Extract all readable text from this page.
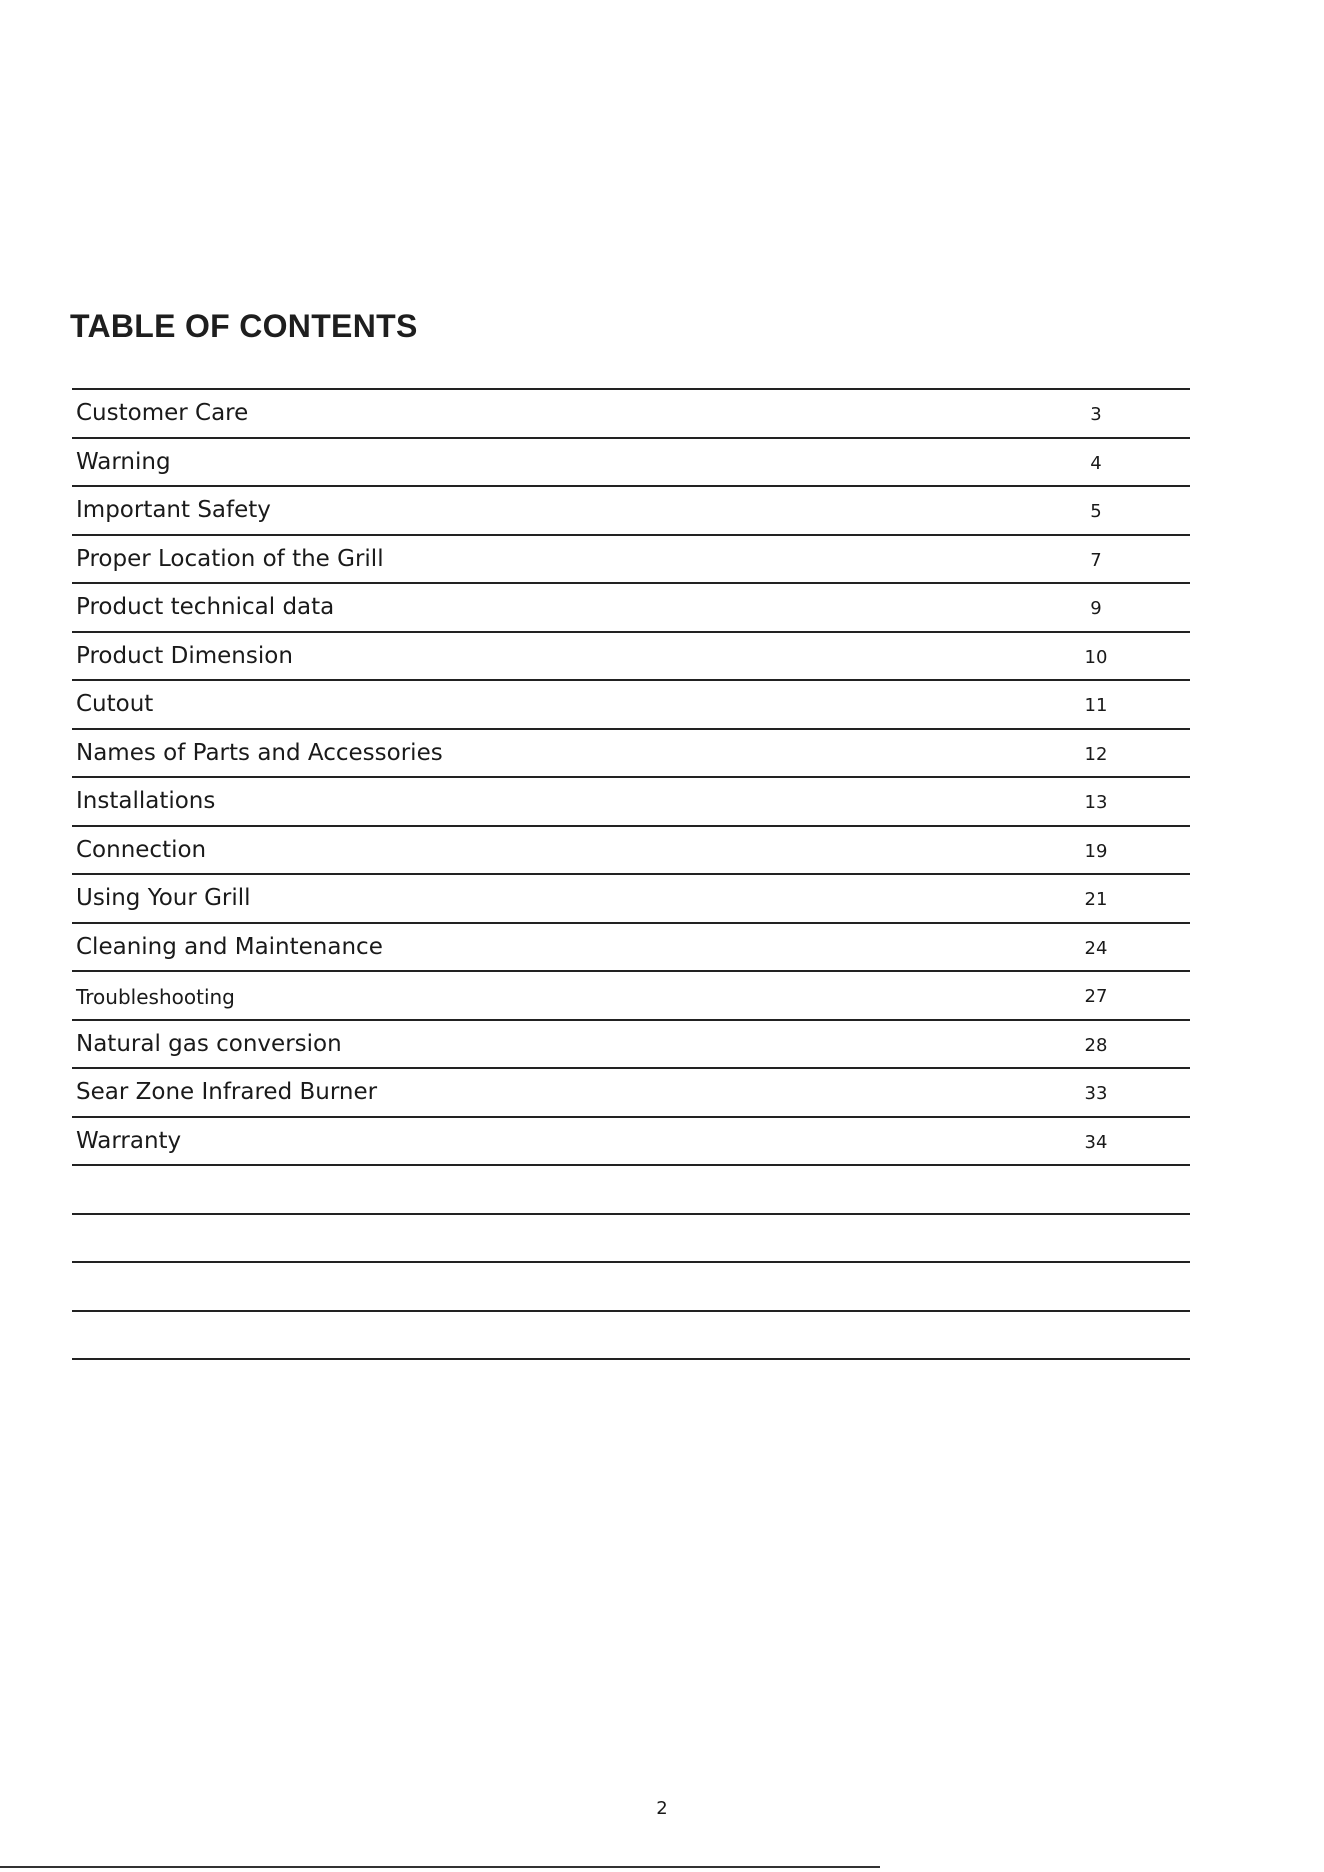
TABLE OF CONTENTS
Customer Care	3
Warning	4
Important Safety	5
Proper Location of the Grill	7
Product technical data	9
Product Dimension	10
Cutout	11
Names of Parts and Accessories	12
Installations	13
Connection	19
Using Your Grill	21
Cleaning and Maintenance	24
Troubleshooting	27
Natural gas conversion	28
Sear Zone Infrared Burner	33
Warranty	34
2
